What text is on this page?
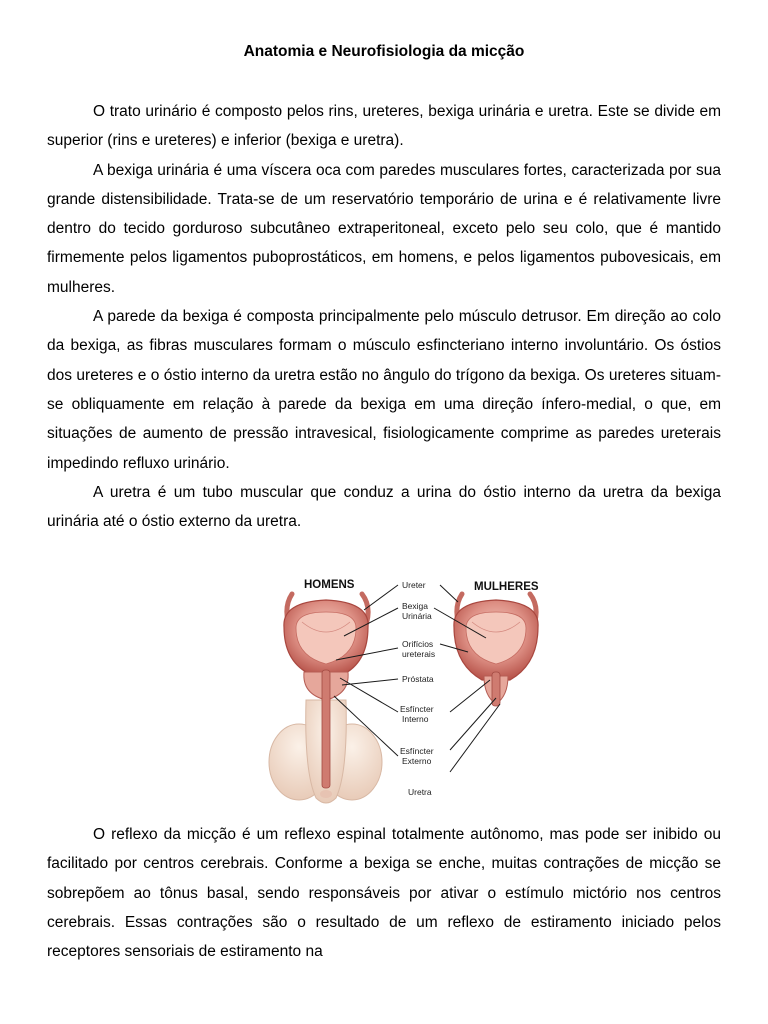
Anatomia e Neurofisiologia da micção

O trato urinário é composto pelos rins, ureteres, bexiga urinária e uretra. Este se divide em superior (rins e ureteres) e inferior (bexiga e uretra).

A bexiga urinária é uma víscera oca com paredes musculares fortes, caracterizada por sua grande distensibilidade. Trata-se de um reservatório temporário de urina e é relativamente livre dentro do tecido gorduroso subcutâneo extraperitoneal, exceto pelo seu colo, que é mantido firmemente pelos ligamentos puboprostáticos, em homens, e pelos ligamentos pubovesicais, em mulheres.

A parede da bexiga é composta principalmente pelo músculo detrusor. Em direção ao colo da bexiga, as fibras musculares formam o músculo esfincteriano interno involuntário. Os óstios dos ureteres e o óstio interno da uretra estão no ângulo do trígono da bexiga. Os ureteres situam-se obliquamente em relação à parede da bexiga em uma direção ínfero-medial, o que, em situações de aumento de pressão intravesical, fisiologicamente comprime as paredes ureterais impedindo refluxo urinário.

A uretra é um tubo muscular que conduz a urina do óstio interno da uretra da bexiga urinária até o óstio externo da uretra.

HOMENS	MULHERES
Ureter
Bexiga
Urinária
Orifícios
ureterais
Próstata
Esfíncter
Interno
Esfíncter
Externo
Uretra

O reflexo da micção é um reflexo espinal totalmente autônomo, mas pode ser inibido ou facilitado por centros cerebrais. Conforme a bexiga se enche, muitas contrações de micção se sobrepõem ao tônus basal, sendo responsáveis por ativar o estímulo mictório nos centros cerebrais. Essas contrações são o resultado de um reflexo de estiramento iniciado pelos receptores sensoriais de estiramento na
